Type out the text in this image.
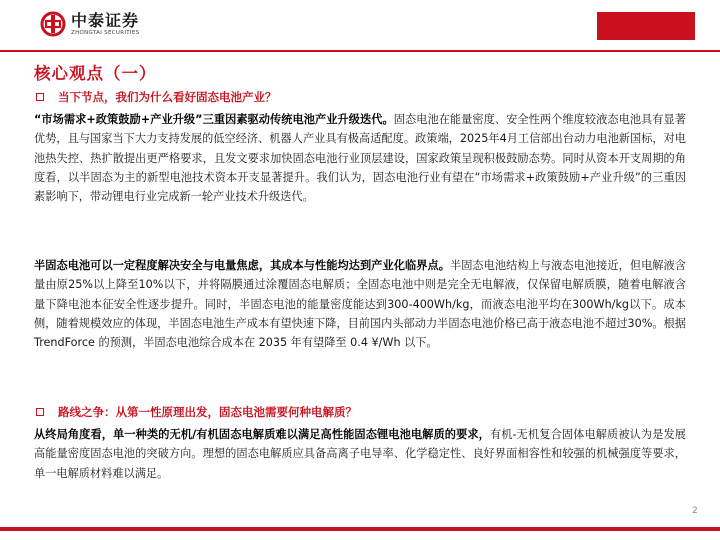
中泰证券
ZHONGTAI SECURITIES
核心观点（一）
当下节点，我们为什么看好固态电池产业？
“市场需求+政策鼓励+产业升级”三重因素驱动传统电池产业升级迭代。固态电池在能量密度、安全性两个维度较液态电池具有显著优势，且与国家当下大力支持发展的低空经济、机器人产业具有极高适配度。政策端，2025年4月工信部出台动力电池新国标，对电池热失控、热扩散提出更严格要求，且发文要求加快固态电池行业顶层建设，国家政策呈现积极鼓励态势。同时从资本开支周期的角度看，以半固态为主的新型电池技术资本开支显著提升。我们认为，固态电池行业有望在“市场需求+政策鼓励+产业升级”的三重因素影响下，带动锂电行业完成新一轮产业技术升级迭代。
半固态电池可以一定程度解决安全与电量焦虑，其成本与性能均达到产业化临界点。半固态电池结构上与液态电池接近，但电解液含量由原25%以上降至10%以下，并将隔膜通过涂覆固态电解质；全固态电池中则是完全无电解液，仅保留电解质膜，随着电解液含量下降电池本征安全性逐步提升。同时，半固态电池的能量密度能达到300-400Wh/kg，而液态电池平均在300Wh/kg以下。成本侧，随着规模效应的体现，半固态电池生产成本有望快速下降，目前国内头部动力半固态电池价格已高于液态电池不超过30%。根据TrendForce 的预测，半固态电池综合成本在 2035 年有望降至 0.4 ¥/Wh 以下。
路线之争：从第一性原理出发，固态电池需要何种电解质？
从终局角度看，单一种类的无机/有机固态电解质难以满足高性能固态锂电池电解质的要求，有机-无机复合固体电解质被认为是发展高能量密度固态电池的突破方向。理想的固态电解质应具备高离子电导率、化学稳定性、良好界面相容性和较强的机械强度等要求，单一电解质材料难以满足。
2
